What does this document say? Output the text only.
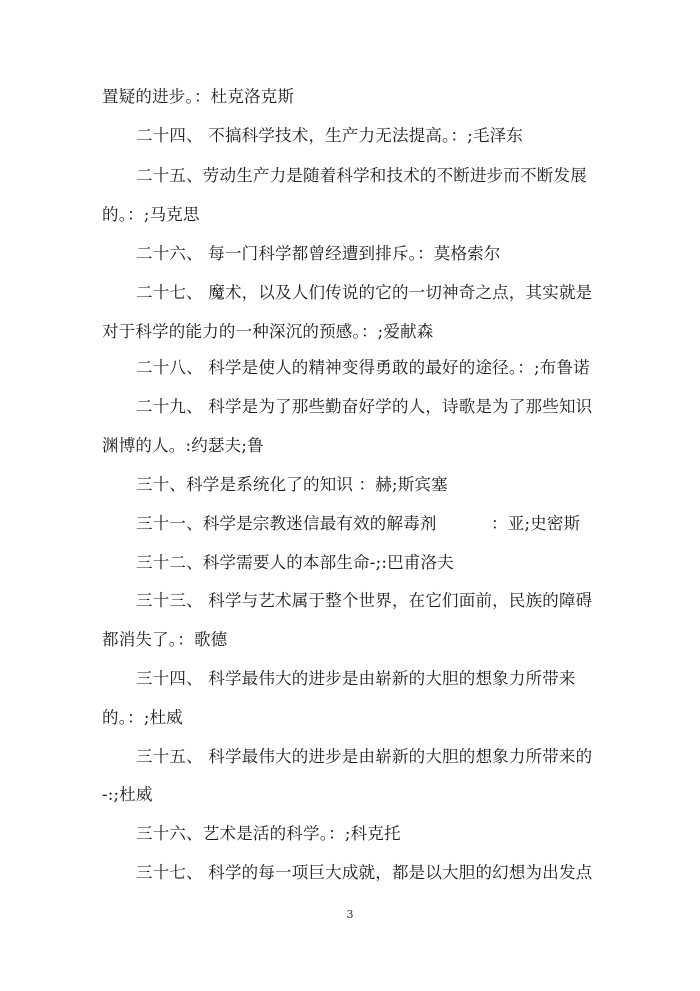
置疑的进步。：杜克洛克斯
二十四、 不搞科学技术，生产力无法提高。：;毛泽东
二十五、劳动生产力是随着科学和技术的不断进步而不断发展
的。：;马克思
二十六、 每一门科学都曾经遭到排斥。：莫格索尔
二十七、 魔术，以及人们传说的它的一切神奇之点，其实就是
对于科学的能力的一种深沉的预感。：;爱献森
二十八、 科学是使人的精神变得勇敢的最好的途径。：;布鲁诺
二十九、 科学是为了那些勤奋好学的人，诗歌是为了那些知识
渊博的人。:约瑟夫;鲁
三十、科学是系统化了的知识 ：赫;斯宾塞
三十一、科学是宗教迷信最有效的解毒剂          ：亚;史密斯
三十二、科学需要人的本部生命-;:巴甫洛夫
三十三、 科学与艺术属于整个世界，在它们面前，民族的障碍
都消失了。：歌德
三十四、 科学最伟大的进步是由崭新的大胆的想象力所带来
的。：;杜威
三十五、 科学最伟大的进步是由崭新的大胆的想象力所带来的
-:;杜威
三十六、艺术是活的科学。：;科克托
三十七、 科学的每一项巨大成就，都是以大胆的幻想为出发点
3
